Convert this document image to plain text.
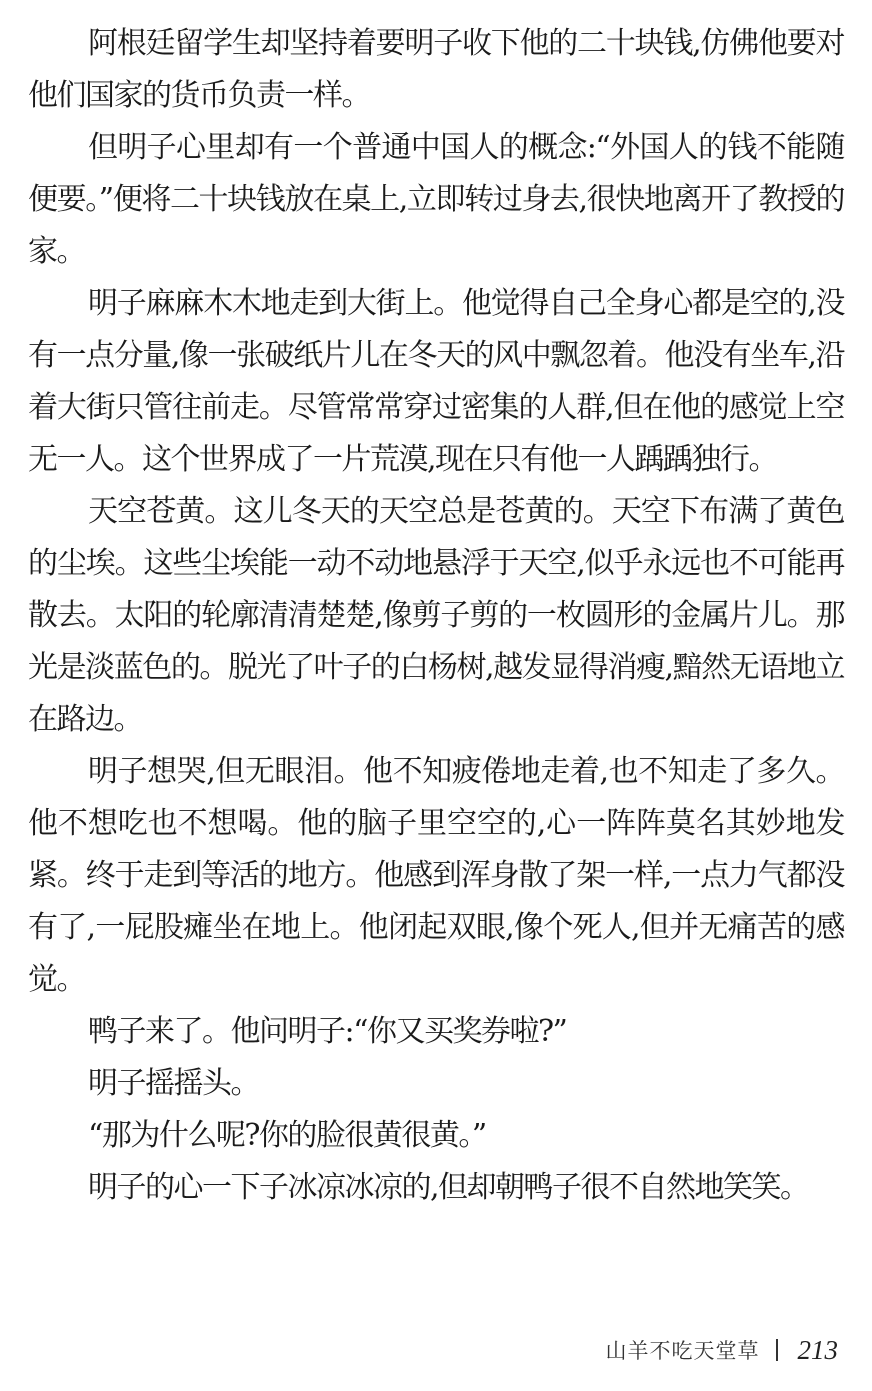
阿根廷留学生却坚持着要明子收下他的二十块钱,仿佛他要对他们国家的货币负责一样。

但明子心里却有一个普通中国人的概念:“外国人的钱不能随便要。”便将二十块钱放在桌上,立即转过身去,很快地离开了教授的家。

明子麻麻木木地走到大街上。他觉得自己全身心都是空的,没有一点分量,像一张破纸片儿在冬天的风中飘忽着。他没有坐车,沿着大街只管往前走。尽管常常穿过密集的人群,但在他的感觉上空无一人。这个世界成了一片荒漠,现在只有他一人踽踽独行。

天空苍黄。这儿冬天的天空总是苍黄的。天空下布满了黄色的尘埃。这些尘埃能一动不动地悬浮于天空,似乎永远也不可能再散去。太阳的轮廓清清楚楚,像剪子剪的一枚圆形的金属片儿。那光是淡蓝色的。脱光了叶子的白杨树,越发显得消瘦,黯然无语地立在路边。

明子想哭,但无眼泪。他不知疲倦地走着,也不知走了多久。他不想吃也不想喝。他的脑子里空空的,心一阵阵莫名其妙地发紧。终于走到等活的地方。他感到浑身散了架一样,一点力气都没有了,一屁股瘫坐在地上。他闭起双眼,像个死人,但并无痛苦的感觉。

鸭子来了。他问明子:“你又买奖券啦?”

明子摇摇头。

“那为什么呢?你的脸很黄很黄。”

明子的心一下子冰凉冰凉的,但却朝鸭子很不自然地笑笑。

山羊不吃天堂草 213
